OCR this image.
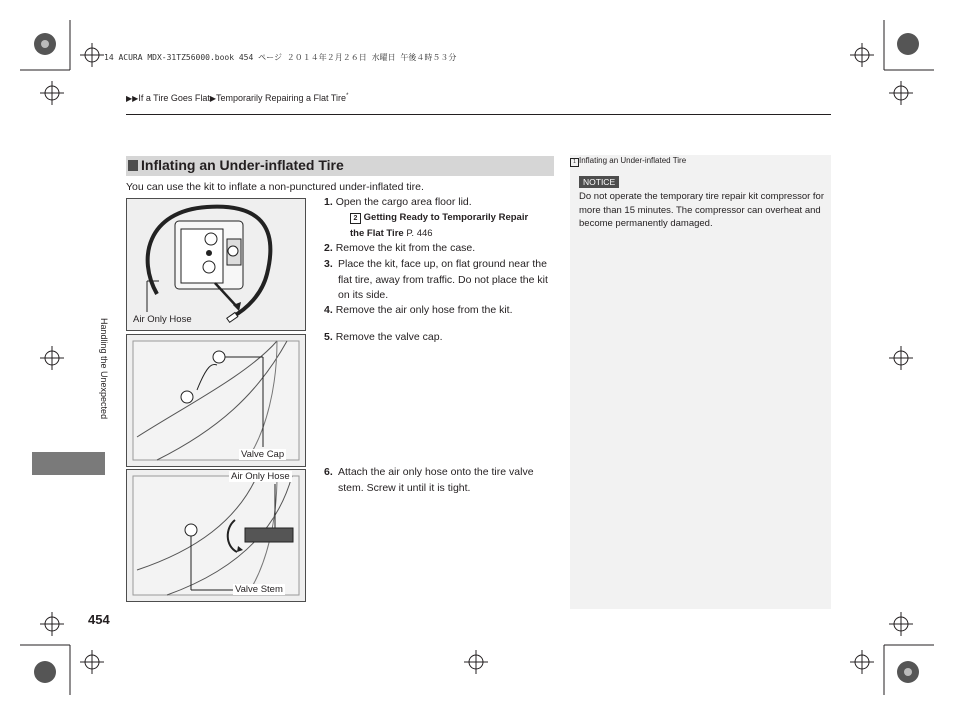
14 ACURA MDX-31TZ56000.book 454 ページ ２０１４年２月２６日 水曜日 午後４時５３分
▶▶If a Tire Goes Flat▶Temporarily Repairing a Flat Tire*
Inflating an Under-inflated Tire
You can use the kit to inflate a non-punctured under-inflated tire.
Air Only Hose
Valve Cap
Air Only Hose
Valve Stem
1. Open the cargo area floor lid.
2 Getting Ready to Temporarily Repair
the Flat Tire P. 446
2. Remove the kit from the case.
3. Place the kit, face up, on flat ground near the flat tire, away from traffic. Do not place the kit on its side.
4. Remove the air only hose from the kit.
5. Remove the valve cap.
6. Attach the air only hose onto the tire valve stem. Screw it until it is tight.
1 Inflating an Under-inflated Tire
NOTICE
Do not operate the temporary tire repair kit compressor for more than 15 minutes. The compressor can overheat and become permanently damaged.
Handling the Unexpected
454
